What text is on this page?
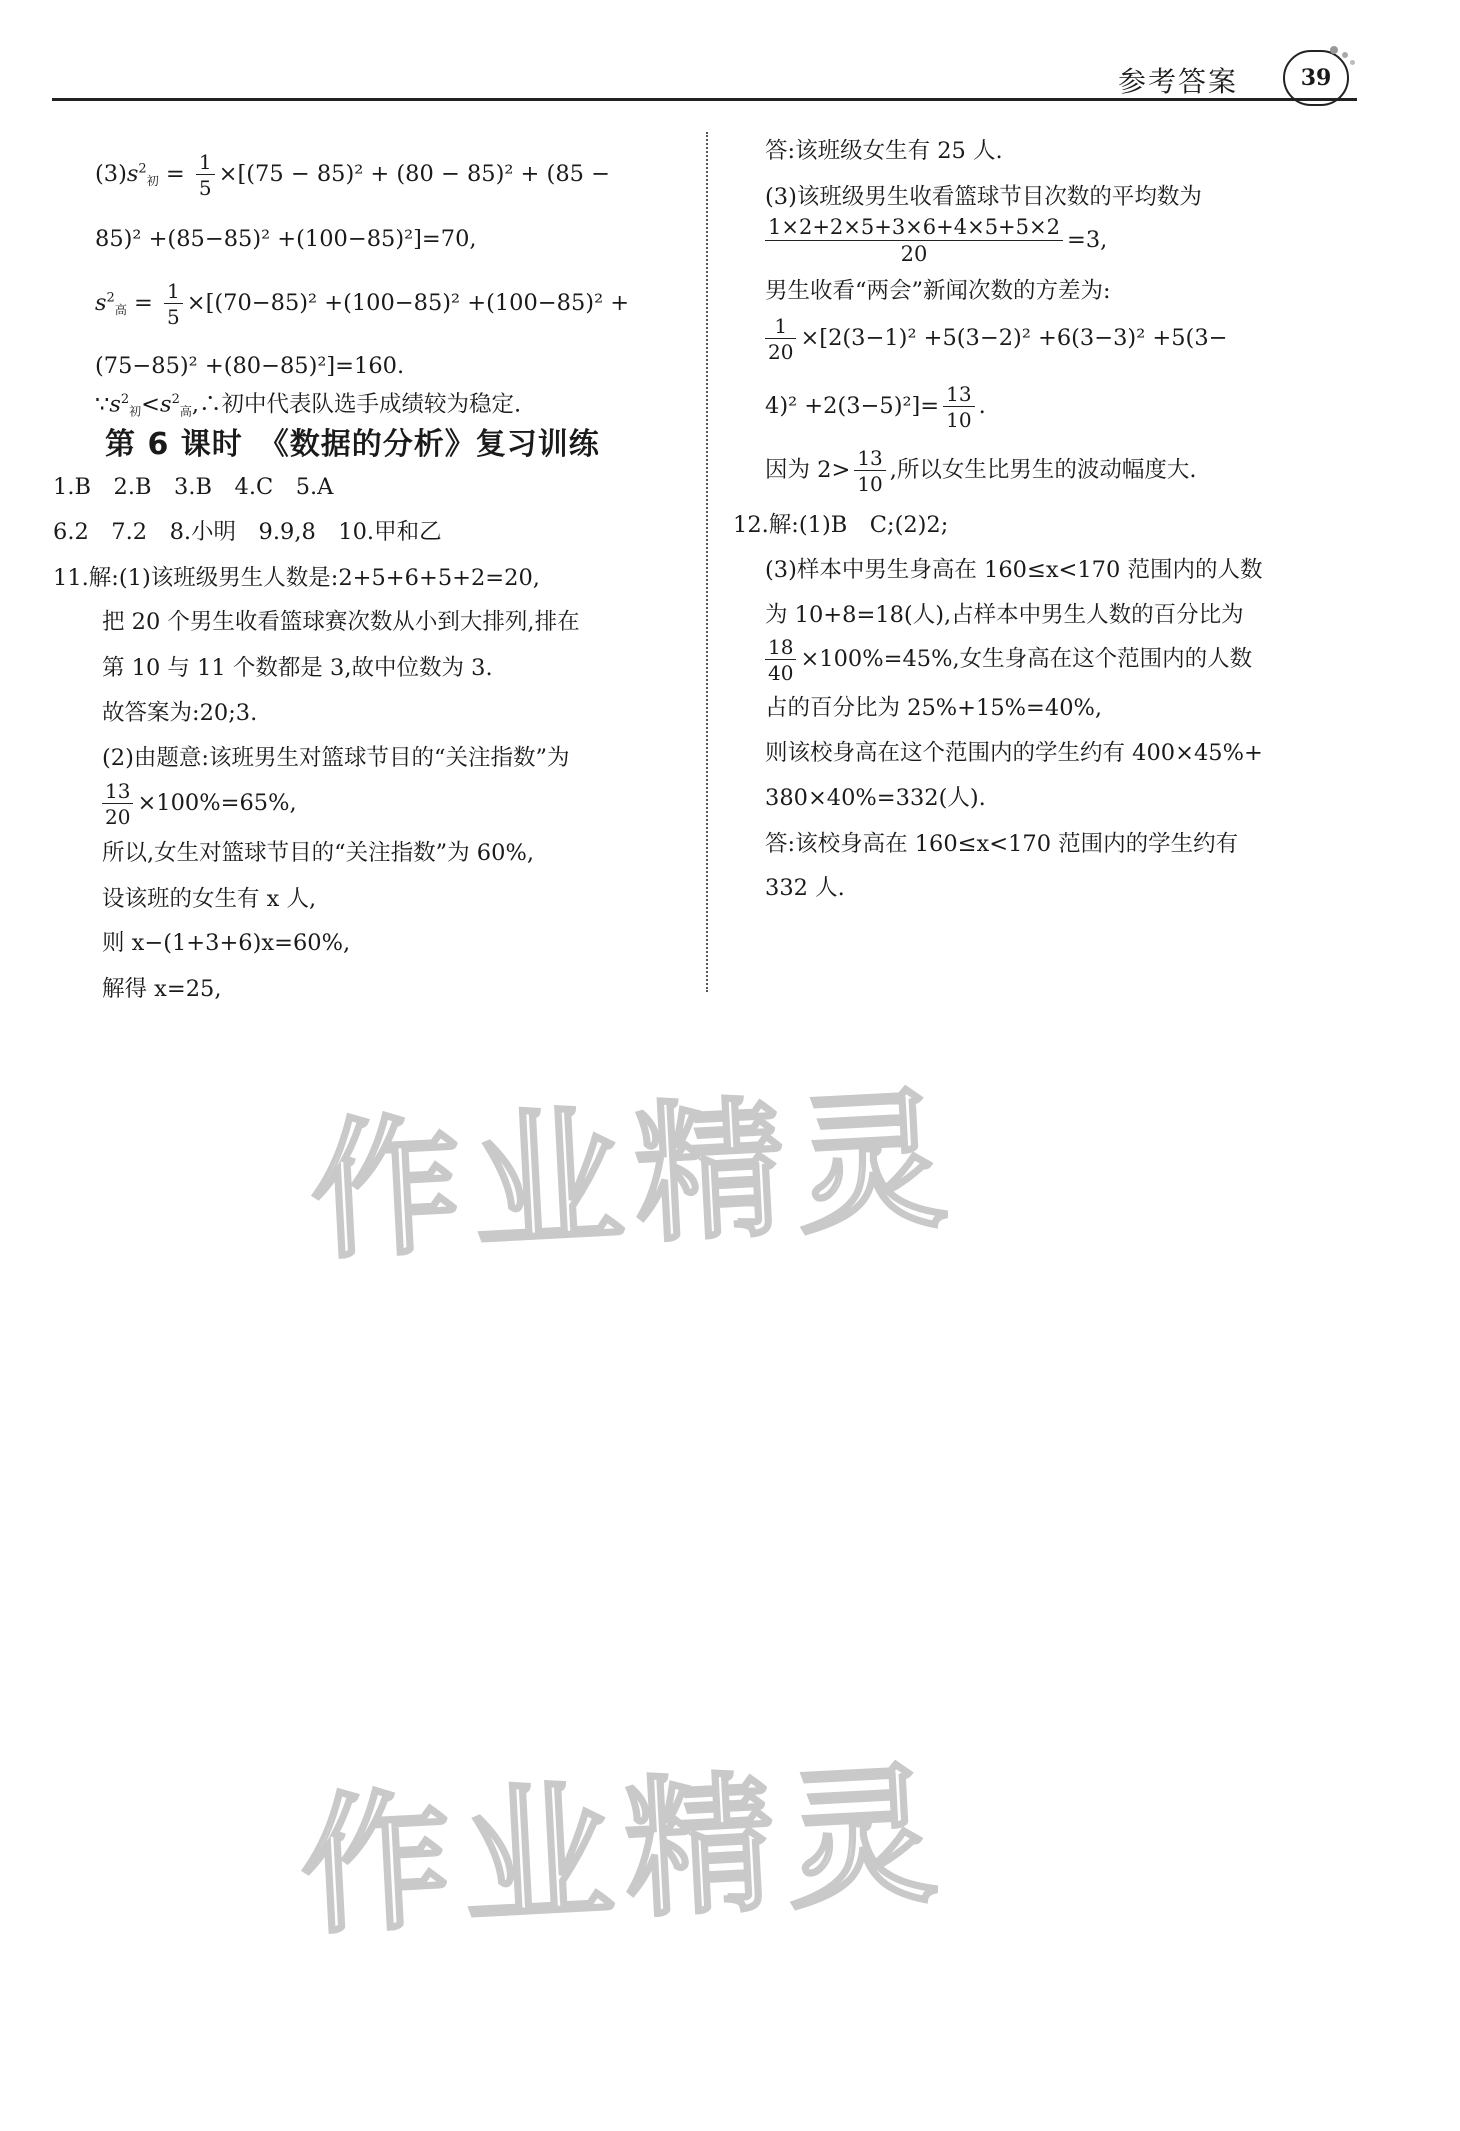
参考答案	39
$(3)s^2$初 = $\frac{1}{5} \times[(75 - 85)^2 + (80 - 85)^2 + (85$ −
85)² +(85−85)² +(100−85)²]=70,
$s^2$高 = $\frac{1}{5} \times[(70-85)^2 +(100-85)^2 +(100-85)^2$ +
(75−85)² +(80−85)²]=160.
$\because s^2$初$<s^2$高,∴初中代表队选手成绩较为稳定.
第 6 课时　《数据的分析》复习训练
1.B　2.B　3.B　4.C　5.A
6.2　7.2　8.小明　9.9,8　10.甲和乙
11.解:(1)该班级男生人数是:2+5+6+5+2=20,
把 20 个男生收看篮球赛次数从小到大排列,排在
第 10 与 11 个数都是 3,故中位数为 3.
故答案为:20;3.
(2)由题意:该班男生对篮球节目的“关注指数”为
$\frac{13}{20} \times 100\%=65\%$,
所以,女生对篮球节目的“关注指数”为 60%,
设该班的女生有 x 人,
则 x−(1+3+6)x=60%,
解得 x=25,
答:该班级女生有 25 人.
(3)该班级男生收看篮球节目次数的平均数为
$\frac{1\times 2+2\times 5+3\times 6+4\times 5+5\times 2}{20} =3$,
男生收看“两会”新闻次数的方差为:
$\frac{1}{20} \times[2(3-1)^2 +5(3-2)^2 +6(3-3)^2 +5(3-$
$4)^2 +2(3-5)^2]= \frac{13}{10}$ .
因为 $2> \frac{13}{10}$ ,所以女生比男生的波动幅度大.
12.解:(1)B　C;(2)2;
(3)样本中男生身高在 160≤x<170 范围内的人数
为 10+8=18(人),占样本中男生人数的百分比为
$\frac{18}{40} \times 100\%=45\%$,女生身高在这个范围内的人数
占的百分比为 25%+15%=40%,
则该校身高在这个范围内的学生约有 400×45%+
380×40%=332(人).
答:该校身高在 160≤x<170 范围内的学生约有
332 人.
作业精灵
作业精灵
